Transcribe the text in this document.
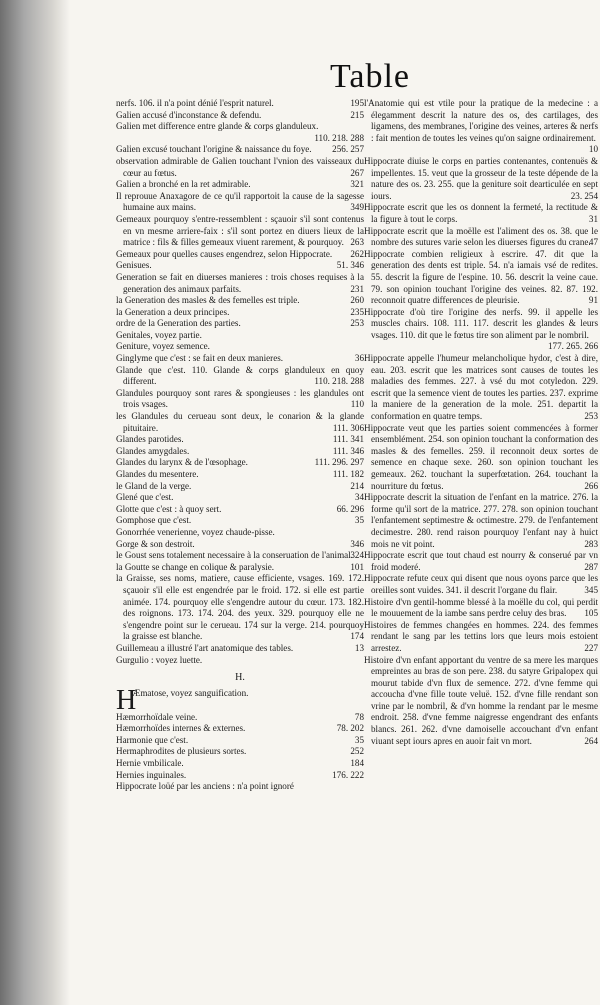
Table

nerfs. 106. il n'a point dénié l'esprit naturel.	195

Galien accusé d'inconstance & defendu.	215

Galien met difference entre glande & corps glanduleux.
110. 218. 288

Galien excusé touchant l'origine & naissance du foye. 256. 257

observation admirable de Galien touchant l'vnion des vaisseaux du cœur au fœtus.	267

Galien a bronché en la ret admirable.	321

Il reprouue Anaxagore de ce qu'il rapportoit la cause de la sagesse humaine aux mains.	349

Gemeaux pourquoy s'entre-ressemblent : sçauoir s'il sont contenus en vn mesme arriere-faix : s'il sont portez en diuers lieux de la matrice : fils & filles gemeaux viuent rarement, & pourquoy. 263

Gemeaux pour quelles causes engendrez, selon Hippocrate. 262

Genisues.	51. 346

Generation se fait en diuerses manieres : trois choses requises à la generation des animaux parfaits.	231

la Generation des masles & des femelles est triple.	260

la Generation a deux principes.	235

ordre de la Generation des parties.	253

Genitales, voyez partie.

Geniture, voyez semence.

Ginglyme que c'est : se fait en deux manieres.	36

Glande que c'est. 110. Glande & corps glanduleux en quoy different.	110. 218. 288

Glandules pourquoy sont rares & spongieuses : les glandules ont trois vsages.	110

les Glandules du cerueau sont deux, le conarion & la glande pituitaire.	111. 306

Glandes parotides.	111. 341

Glandes amygdales.	111. 346

Glandes du larynx & de l'œsophage.	111. 296. 297

Glandes du mesentere.	111. 182

le Gland de la verge.	214

Glené que c'est.	34

Glotte que c'est : à quoy sert.	66. 296

Gomphose que c'est.	35

Gonorrhée venerienne, voyez chaude-pisse.

Gorge & son destroit.	346

le Goust sens totalement necessaire à la conseruation de l'animal.
324

la Goutte se change en colique & paralysie.	101

la Graisse, ses noms, matiere, cause efficiente, vsages. 169. 172. sçauoir s'il elle est engendrée par le froid. 172. si elle est partie animée. 174. pourquoy elle s'engendre autour du cœur. 173. 182. des roignons. 173. 174. 204. des yeux. 329. pourquoy elle ne s'engendre point sur le cerueau. 174 sur la verge. 214. pourquoy la graisse est blanche.	174

Guillemeau a illustré l'art anatomique des tables.	13

Gurgulio : voyez luette.

H.
H

Æmatose, voyez sanguification.

Hæmorrhoïdale veine.	78

Hæmorrhoïdes internes & externes.	78. 202

Harmonie que c'est.	35

Hermaphrodites de plusieurs sortes.	252

Hernie vmbilicale.	184

Hernies inguinales.	176. 222

Hippocrate loüé par les anciens : n'a point ignoré

l'Anatomie qui est vtile pour la pratique de la medecine : a élegamment descrit la nature des os, des cartilages, des ligamens, des membranes, l'origine des veines, arteres & nerfs : fait mention de toutes les veines qu'on saigne ordinairement.
10

Hippocrate diuise le corps en parties contenantes, contenuës & impellentes. 15. veut que la grosseur de la teste dépende de la nature des os. 23. 255. que la geniture soit dearticulée en sept iours.	23. 254

Hippocrate escrit que les os donnent la fermeté, la rectitude & la figure à tout le corps.	31

Hippocrate escrit que la moëlle est l'aliment des os. 38. que le nombre des sutures varie selon les diuerses figures du crane.
47

Hippocrate combien religieux à escrire. 47. dit que la generation des dents est triple. 54. n'a iamais vsé de redites. 55. descrit la figure de l'espine. 10. 56. descrit la veine caue. 79. son opinion touchant l'origine des veines. 82. 87. 192. reconnoit quatre differences de pleurisie.	91

Hippocrate d'où tire l'origine des nerfs. 99. il appelle les muscles chairs. 108. 111. 117. descrit les glandes & leurs vsages. 110. dit que le fœtus tire son aliment par le nombril.
177. 265. 266

Hippocrate appelle l'humeur melancholique hydor, c'est à dire, eau. 203. escrit que les matrices sont causes de toutes les maladies des femmes. 227. à vsé du mot cotyledon. 229. escrit que la semence vient de toutes les parties. 237. exprime la maniere de la generation de la mole. 251. departit la conformation en quatre temps.	253

Hippocrate veut que les parties soient commencées à former ensemblément. 254. son opinion touchant la conformation des masles & des femelles. 259. il reconnoit deux sortes de semence en chaque sexe. 260. son opinion touchant les gemeaux. 262. touchant la superfœtation. 264. touchant la nourriture du fœtus.	266

Hippocrate descrit la situation de l'enfant en la matrice. 276. la forme qu'il sort de la matrice. 277. 278. son opinion touchant l'enfantement septimestre & octimestre. 279. de l'enfantement decimestre. 280. rend raison pourquoy l'enfant nay à huict mois ne vit point.	283

Hippocrate escrit que tout chaud est nourry & conserué par vn froid moderé.	287

Hippocrate refute ceux qui disent que nous oyons parce que les oreilles sont vuides. 341. il descrit l'organe du flair.	345

Histoire d'vn gentil-homme blessé à la moëlle du col, qui perdit le mouuement de la iambe sans perdre celuy des bras. 105

Histoires de femmes changées en hommes. 224. des femmes rendant le sang par les tettins lors que leurs mois estoient arrestez.	227

Histoire d'vn enfant apportant du ventre de sa mere les marques empreintes au bras de son pere. 238. du satyre Gripalopex qui mourut tabide d'vn flux de semence. 272. d'vne femme qui accoucha d'vne fille toute veluë. 152. d'vne fille rendant son vrine par le nombril, & d'vn homme la rendant par le mesme endroit. 258. d'vne femme naigresse engendrant des enfants blancs. 261. 262. d'vne damoiselle accouchant d'vn enfant viuant sept iours apres en auoir fait vn mort.	264
